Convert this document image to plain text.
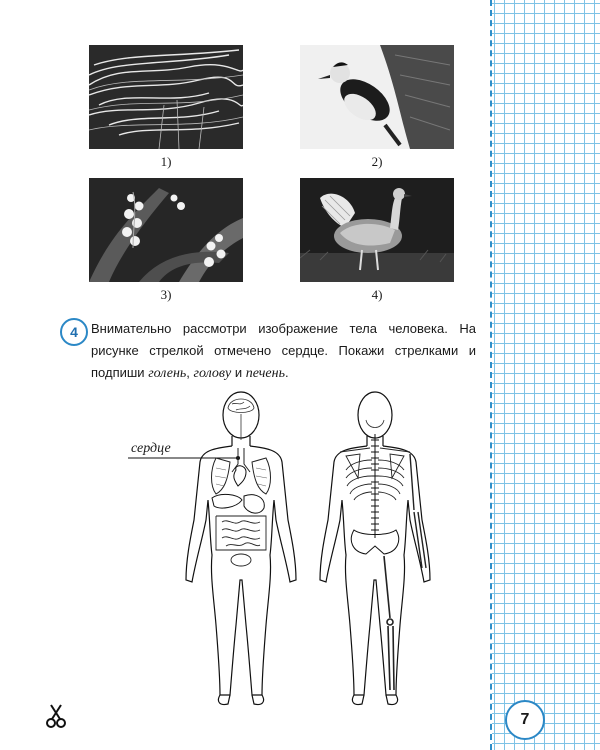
7
1)	2)
3)	4)
4	Внимательно рассмотри изображение тела человека. На рисунке стрелкой отмечено сердце. Покажи стрелками и подпиши голень, голову и печень.
сердце
